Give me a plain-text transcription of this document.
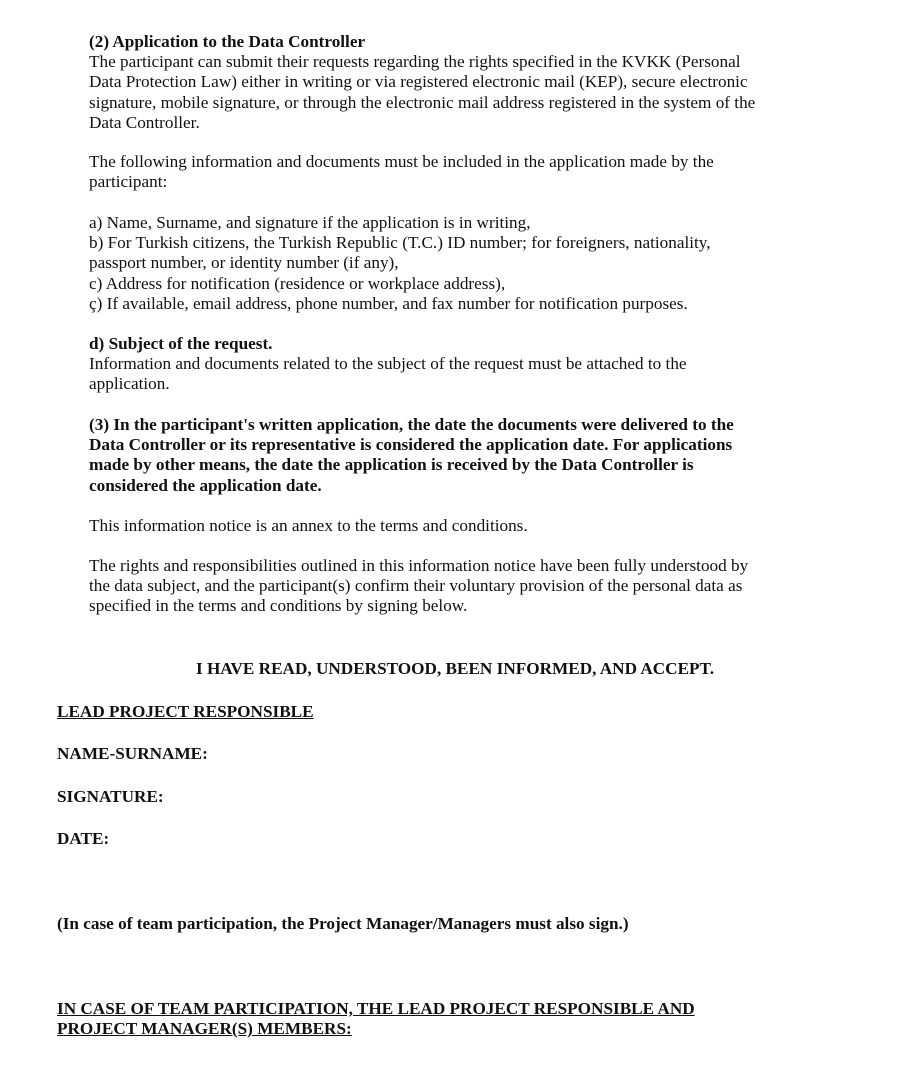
(2) Application to the Data Controller
The participant can submit their requests regarding the rights specified in the KVKK (Personal
Data Protection Law) either in writing or via registered electronic mail (KEP), secure electronic
signature, mobile signature, or through the electronic mail address registered in the system of the
Data Controller.
The following information and documents must be included in the application made by the
participant:
a) Name, Surname, and signature if the application is in writing,
b) For Turkish citizens, the Turkish Republic (T.C.) ID number; for foreigners, nationality,
passport number, or identity number (if any),
c) Address for notification (residence or workplace address),
ç) If available, email address, phone number, and fax number for notification purposes.
d) Subject of the request.
Information and documents related to the subject of the request must be attached to the
application.
(3) In the participant's written application, the date the documents were delivered to the
Data Controller or its representative is considered the application date. For applications
made by other means, the date the application is received by the Data Controller is
considered the application date.
This information notice is an annex to the terms and conditions.
The rights and responsibilities outlined in this information notice have been fully understood by
the data subject, and the participant(s) confirm their voluntary provision of the personal data as
specified in the terms and conditions by signing below.
I HAVE READ, UNDERSTOOD, BEEN INFORMED, AND ACCEPT.
LEAD PROJECT RESPONSIBLE
NAME-SURNAME:
SIGNATURE:
DATE:
(In case of team participation, the Project Manager/Managers must also sign.)
IN CASE OF TEAM PARTICIPATION, THE LEAD PROJECT RESPONSIBLE AND
PROJECT MANAGER(S) MEMBERS:
